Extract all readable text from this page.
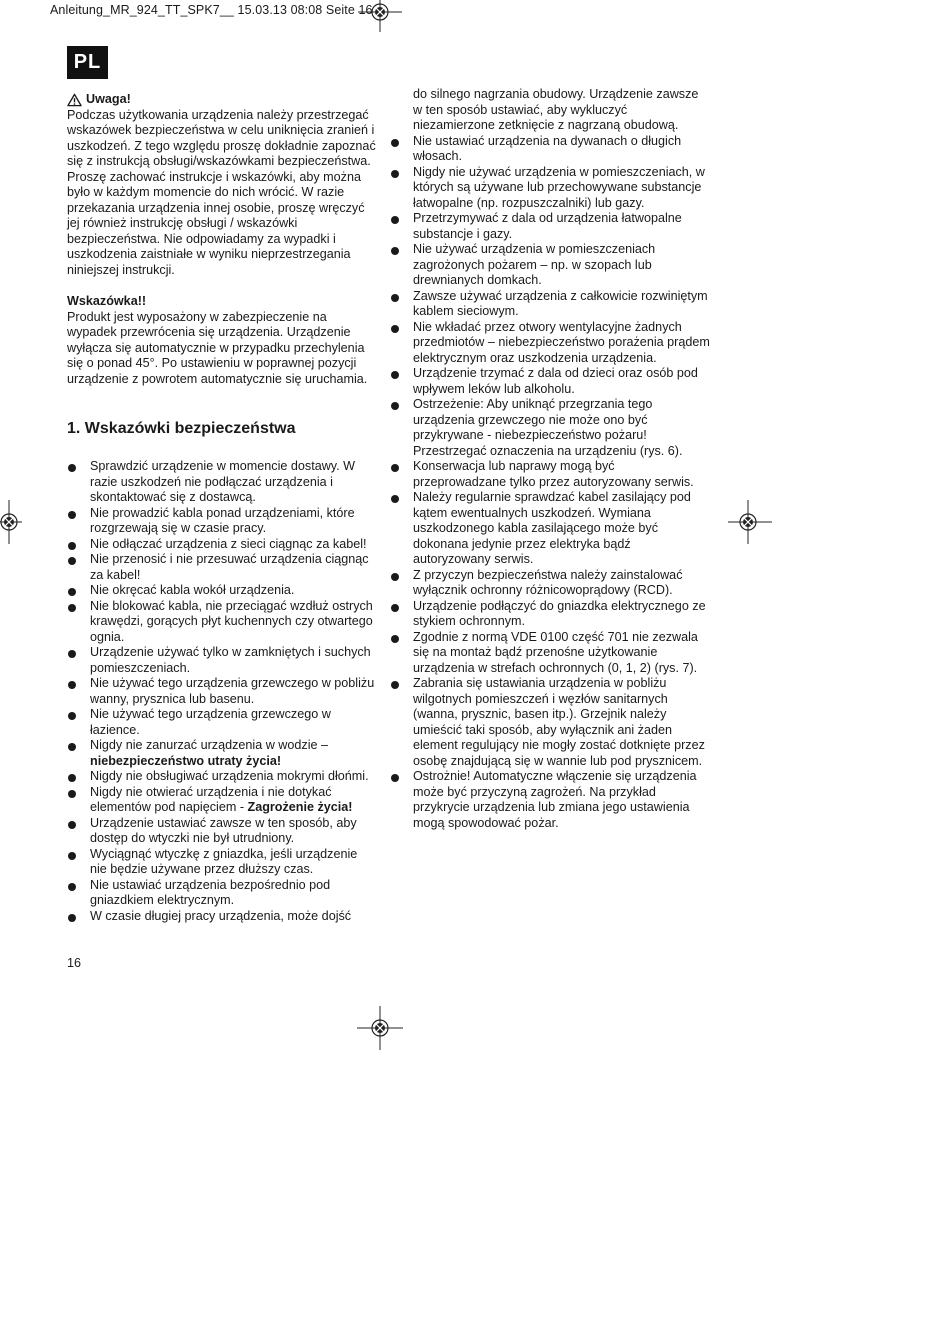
Anleitung_MR_924_TT_SPK7__ 15.03.13 08:08 Seite 16
PL
Uwaga!

Podczas użytkowania urządzenia należy przestrzegać wskazówek bezpieczeństwa w celu uniknięcia zranień i uszkodzeń. Z tego względu proszę dokładnie zapoznać się z instrukcją obsługi/wskazówkami bezpieczeństwa. Proszę zachować instrukcje i wskazówki, aby można było w każdym momencie do nich wrócić. W razie przekazania urządzenia innej osobie, proszę wręczyć jej również instrukcję obsługi / wskazówki bezpieczeństwa. Nie odpowiadamy za wypadki i uszkodzenia zaistniałe w wyniku nieprzestrzegania niniejszej instrukcji.

Wskazówka!!

Produkt jest wyposażony w zabezpieczenie na wypadek przewrócenia się urządzenia. Urządzenie wyłącza się automatycznie w przypadku przechylenia się o ponad 45°. Po ustawieniu w poprawnej pozycji urządzenie z powrotem automatycznie się uruchamia.

1. Wskazówki bezpieczeństwa
Sprawdzić urządzenie w momencie dostawy. W razie uszkodzeń nie podłączać urządzenia i skontaktować się z dostawcą.
Nie prowadzić kabla ponad urządzeniami, które rozgrzewają się w czasie pracy.
Nie odłączać urządzenia z sieci ciągnąc za kabel!
Nie przenosić i nie przesuwać urządzenia ciągnąc za kabel!
Nie okręcać kabla wokół urządzenia.
Nie blokować kabla, nie przeciągać wzdłuż ostrych krawędzi, gorących płyt kuchennych czy otwartego ognia.
Urządzenie używać tylko w zamkniętych i suchych pomieszczeniach.
Nie używać tego urządzenia grzewczego w pobliżu wanny, prysznica lub basenu.
Nie używać tego urządzenia grzewczego w łazience.
Nigdy nie zanurzać urządzenia w wodzie –
niebezpieczeństwo utraty życia!
Nigdy nie obsługiwać urządzenia mokrymi dłońmi.
Nigdy nie otwierać urządzenia i nie dotykać elementów pod napięciem - Zagrożenie życia!
Urządzenie ustawiać zawsze w ten sposób, aby dostęp do wtyczki nie był utrudniony.
Wyciągnąć wtyczkę z gniazdka, jeśli urządzenie nie będzie używane przez dłuższy czas.
Nie ustawiać urządzenia bezpośrednio pod gniazdkiem elektrycznym.
W czasie długiej pracy urządzenia, może dojść
do silnego nagrzania obudowy. Urządzenie zawsze w ten sposób ustawiać, aby wykluczyć niezamierzone zetknięcie z nagrzaną obudową.
Nie ustawiać urządzenia na dywanach o długich włosach.
Nigdy nie używać urządzenia w pomieszczeniach, w których są używane lub przechowywane substancje łatwopalne (np. rozpuszczalniki) lub gazy.
Przetrzymywać z dala od urządzenia łatwopalne substancje i gazy.
Nie używać urządzenia w pomieszczeniach zagrożonych pożarem – np. w szopach lub drewnianych domkach.
Zawsze używać urządzenia z całkowicie rozwiniętym kablem sieciowym.
Nie wkładać przez otwory wentylacyjne żadnych przedmiotów – niebezpieczeństwo porażenia prądem elektrycznym oraz uszkodzenia urządzenia.
Urządzenie trzymać z dala od dzieci oraz osób pod wpływem leków lub alkoholu.
Ostrzeżenie: Aby uniknąć przegrzania tego urządzenia grzewczego nie może ono być przykrywane - niebezpieczeństwo pożaru! Przestrzegać oznaczenia na urządzeniu (rys. 6).
Konserwacja lub naprawy mogą być przeprowadzane tylko przez autoryzowany serwis.
Należy regularnie sprawdzać kabel zasilający pod kątem ewentualnych uszkodzeń. Wymiana uszkodzonego kabla zasilającego może być dokonana jedynie przez elektryka bądź autoryzowany serwis.
Z przyczyn bezpieczeństwa należy zainstalować wyłącznik ochronny różnicowoprądowy (RCD).
Urządzenie podłączyć do gniazdka elektrycznego ze stykiem ochronnym.
Zgodnie z normą VDE 0100 część 701 nie zezwala się na montaż bądź przenośne użytkowanie urządzenia w strefach ochronnych (0, 1, 2) (rys. 7).
Zabrania się ustawiania urządzenia w pobliżu wilgotnych pomieszczeń i węzłów sanitarnych (wanna, prysznic, basen itp.). Grzejnik należy umieścić taki sposób, aby wyłącznik ani żaden element regulujący nie mogły zostać dotknięte przez osobę znajdującą się w wannie lub pod prysznicem.
Ostrożnie! Automatyczne włączenie się urządzenia może być przyczyną zagrożeń. Na przykład przykrycie urządzenia lub zmiana jego ustawienia mogą spowodować pożar.
16
